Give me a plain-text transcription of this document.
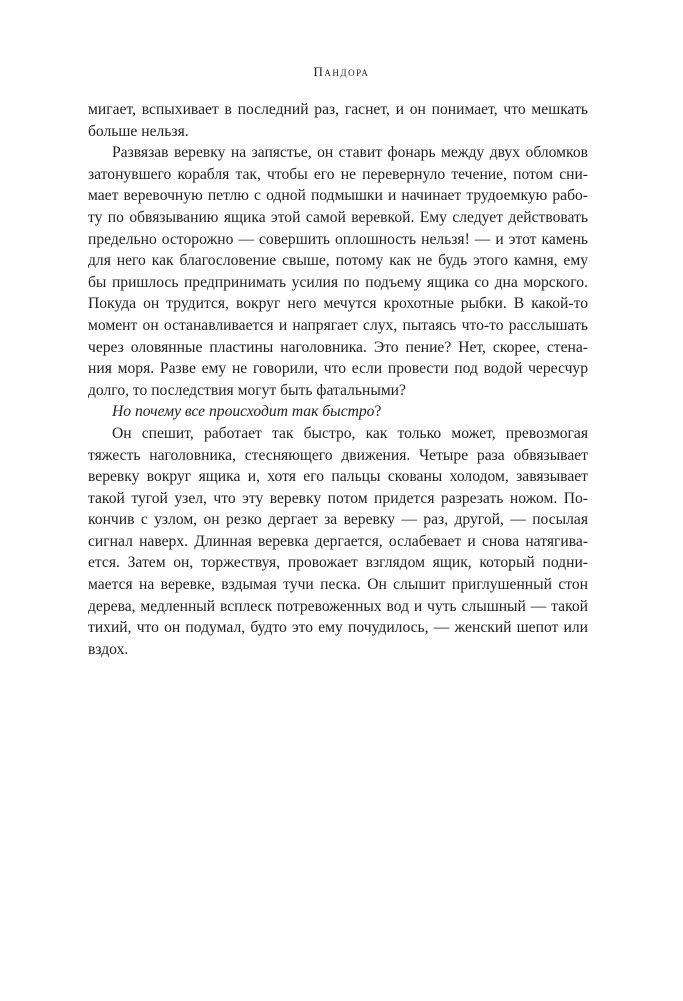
Пандора
мигает, вспыхивает в последний раз, гаснет, и он понимает, что мешкать
больше нельзя.
Развязав веревку на запястье, он ставит фонарь между двух обломков
затонувшего корабля так, чтобы его не перевернуло течение, потом сни-
мает веревочную петлю с одной подмышки и начинает трудоемкую рабо-
ту по обвязыванию ящика этой самой веревкой. Ему следует действовать
предельно осторожно — совершить оплошность нельзя! — и этот камень
для него как благословение свыше, потому как не будь этого камня, ему
бы пришлось предпринимать усилия по подъему ящика со дна морского.
Покуда он трудится, вокруг него мечутся крохотные рыбки. В какой-то
момент он останавливается и напрягает слух, пытаясь что-то расслышать
через оловянные пластины наголовника. Это пение? Нет, скорее, стена-
ния моря. Разве ему не говорили, что если провести под водой чересчур
долго, то последствия могут быть фатальными?
Но почему все происходит так быстро?
Он спешит, работает так быстро, как только может, превозмогая
тяжесть наголовника, стесняющего движения. Четыре раза обвязывает
веревку вокруг ящика и, хотя его пальцы скованы холодом, завязывает
такой тугой узел, что эту веревку потом придется разрезать ножом. По-
кончив с узлом, он резко дергает за веревку — раз, другой, — посылая
сигнал наверх. Длинная веревка дергается, ослабевает и снова натягива-
ется. Затем он, торжествуя, провожает взглядом ящик, который подни-
мается на веревке, вздымая тучи песка. Он слышит приглушенный стон
дерева, медленный всплеск потревоженных вод и чуть слышный — такой
тихий, что он подумал, будто это ему почудилось, — женский шепот или
вздох.
